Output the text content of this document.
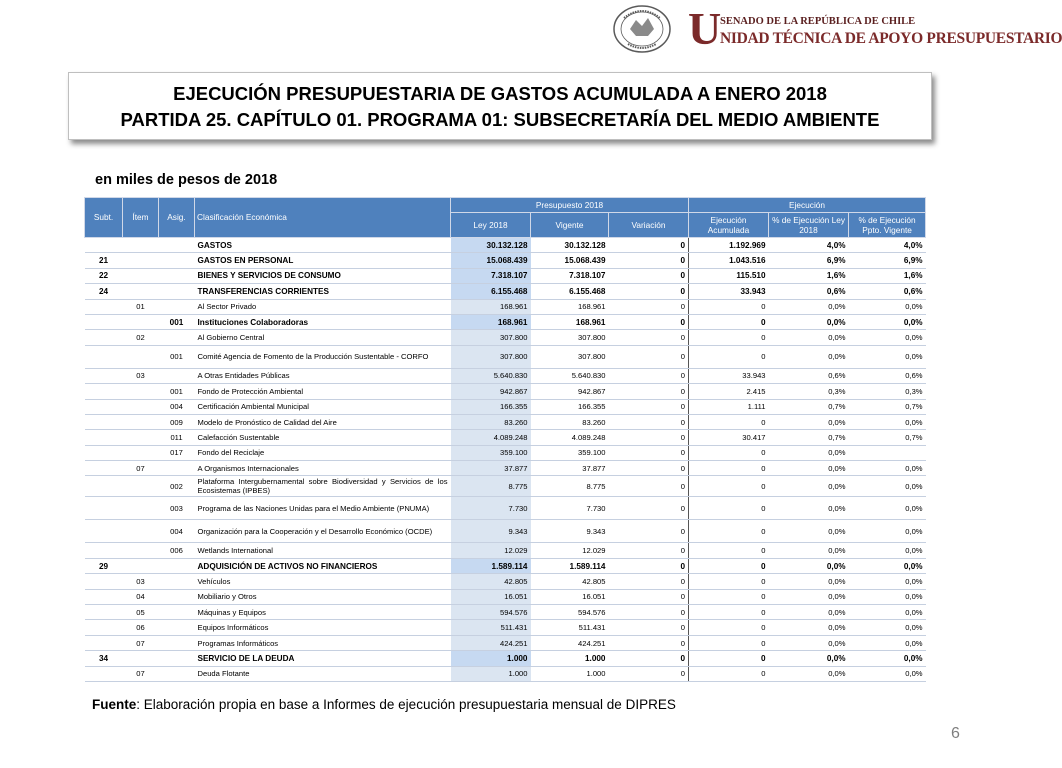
U
SENADO DE LA REPÚBLICA DE CHILE
NIDAD TÉCNICA DE APOYO PRESUPUESTARIO
EJECUCIÓN PRESUPUESTARIA DE GASTOS ACUMULADA A ENERO 2018
PARTIDA 25. CAPÍTULO 01. PROGRAMA 01: SUBSECRETARÍA DEL MEDIO AMBIENTE
en miles de pesos de 2018
Subt.	Ítem	Asig.	Clasificación Económica	Presupuesto 2018			Ejecución		
				Ley 2018	Vigente	Variación	Ejecución Acumulada	% de Ejecución Ley 2018	% de Ejecución Ppto. Vigente
			GASTOS	30.132.128	30.132.128	0	1.192.969	4,0%	4,0%
21			GASTOS EN PERSONAL	15.068.439	15.068.439	0	1.043.516	6,9%	6,9%
22			BIENES Y SERVICIOS DE CONSUMO	7.318.107	7.318.107	0	115.510	1,6%	1,6%
24			TRANSFERENCIAS CORRIENTES	6.155.468	6.155.468	0	33.943	0,6%	0,6%
	01		Al Sector Privado	168.961	168.961	0	0	0,0%	0,0%
		001	Instituciones Colaboradoras	168.961	168.961	0	0	0,0%	0,0%
	02		Al Gobierno Central	307.800	307.800	0	0	0,0%	0,0%
		001	Comité Agencia de Fomento de la Producción Sustentable - CORFO	307.800	307.800	0	0	0,0%	0,0%
	03		A Otras Entidades Públicas	5.640.830	5.640.830	0	33.943	0,6%	0,6%
		001	Fondo de Protección Ambiental	942.867	942.867	0	2.415	0,3%	0,3%
		004	Certificación Ambiental Municipal	166.355	166.355	0	1.111	0,7%	0,7%
		009	Modelo de Pronóstico de Calidad del Aire	83.260	83.260	0	0	0,0%	0,0%
		011	Calefacción Sustentable	4.089.248	4.089.248	0	30.417	0,7%	0,7%
		017	Fondo del Reciclaje	359.100	359.100	0	0	0,0%	
	07		A Organismos Internacionales	37.877	37.877	0	0	0,0%	0,0%
		002	Plataforma Intergubernamental sobre Biodiversidad y Servicios de los Ecosistemas (IPBES)	8.775	8.775	0	0	0,0%	0,0%
		003	Programa de las Naciones Unidas para el Medio Ambiente (PNUMA)	7.730	7.730	0	0	0,0%	0,0%
		004	Organización para la Cooperación y el Desarrollo Económico (OCDE)	9.343	9.343	0	0	0,0%	0,0%
		006	Wetlands International	12.029	12.029	0	0	0,0%	0,0%
29			ADQUISICIÓN DE ACTIVOS NO FINANCIEROS	1.589.114	1.589.114	0	0	0,0%	0,0%
	03		Vehículos	42.805	42.805	0	0	0,0%	0,0%
	04		Mobiliario y Otros	16.051	16.051	0	0	0,0%	0,0%
	05		Máquinas y Equipos	594.576	594.576	0	0	0,0%	0,0%
	06		Equipos Informáticos	511.431	511.431	0	0	0,0%	0,0%
	07		Programas Informáticos	424.251	424.251	0	0	0,0%	0,0%
34			SERVICIO DE LA DEUDA	1.000	1.000	0	0	0,0%	0,0%
	07		Deuda Flotante	1.000	1.000	0	0	0,0%	0,0%
Fuente: Elaboración propia en base a Informes de ejecución presupuestaria mensual de DIPRES
6
